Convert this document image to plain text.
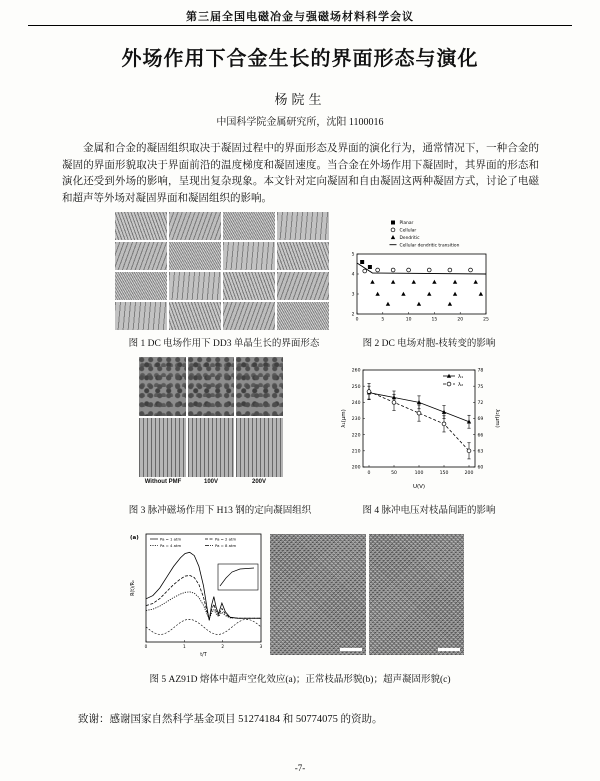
第三届全国电磁冶金与强磁场材料科学会议
外场作用下合金生长的界面形态与演化
杨院生
中国科学院金属研究所，沈阳 1100016

金属和合金的凝固组织取决于凝固过程中的界面形态及界面的演化行为，通常情况下，一种合金的凝固的界面形貌取决于界面前沿的温度梯度和凝固速度。当合金在外场作用下凝固时，其界面的形态和演化还受到外场的影响，呈现出复杂现象。本文针对定向凝固和自由凝固这两种凝固方式，讨论了电磁和超声等外场对凝固界面和凝固组织的影响。

0	5	10	15	20	25
2
3
4
5
Planar
Cellular
Dendritic
Cellular dendritic transition
图 1 DC 电场作用下 DD3 单晶生长的界面形态	图 2 DC 电场对胞-枝转变的影响
Without PMF	100V	200V
0	50	100	150	200
200
210
220
230
240
250
260
60
63
66
69
72
75
78
U(V)
λ₁(μm)	λ₂(μm)
λ₁
λ₂
图 3 脉冲磁场作用下 H13 钢的定向凝固组织	图 4 脉冲电压对枝晶间距的影响
(a)	Pa = 1 atm	Pa = 2 atm
Pa = 4 atm	Pa = 8 atm
0	1	2	3
t/T
R(t)/R₀
图 5 AZ91D 熔体中超声空化效应(a)；正常枝晶形貌(b)；超声凝固形貌(c)
致谢：感谢国家自然科学基金项目 51274184 和 50774075 的资助。
-7-
